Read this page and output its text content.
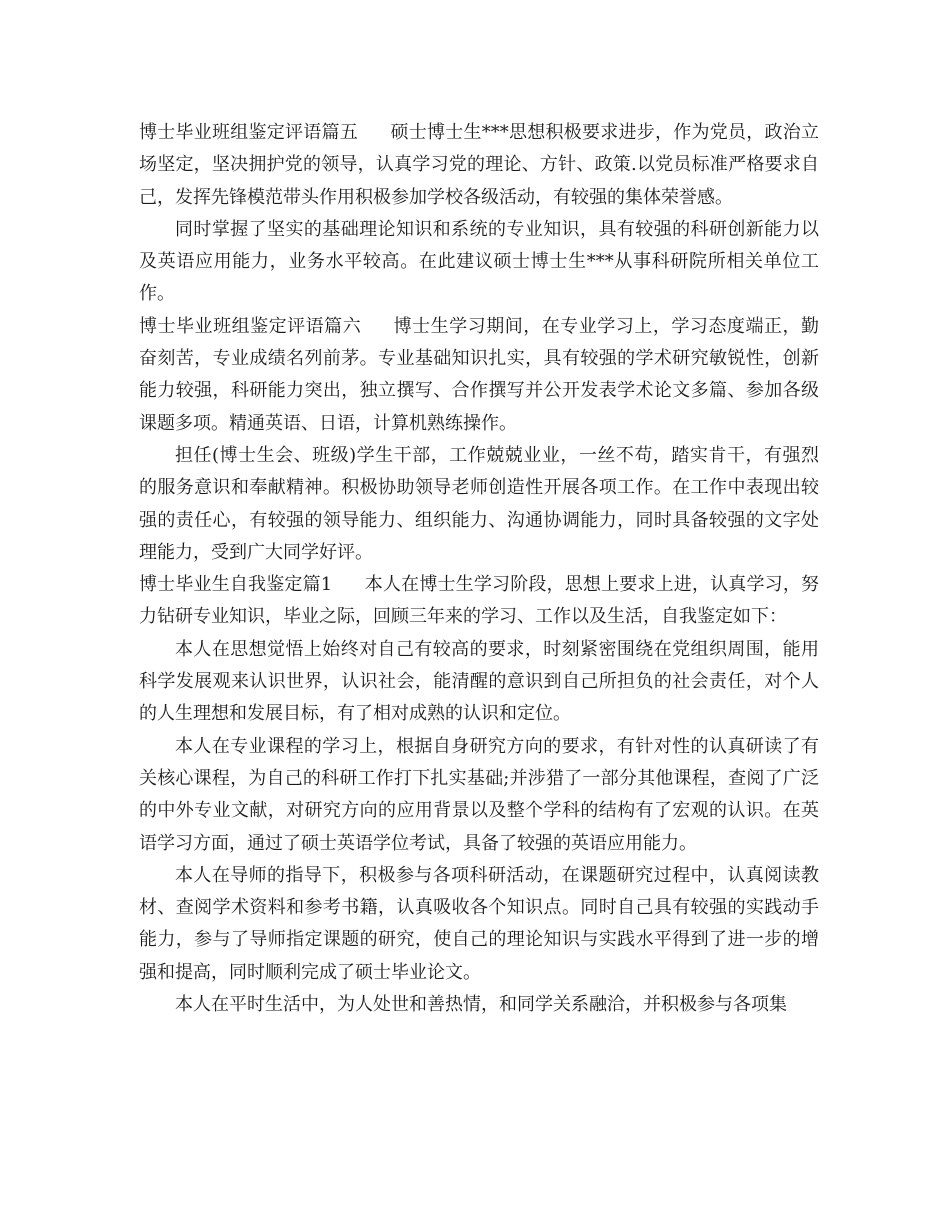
博士毕业班组鉴定评语篇五 硕士博士生***思想积极要求进步，作为党员，政治立场坚定，坚决拥护党的领导，认真学习党的理论、方针、政策.以党员标准严格要求自己，发挥先锋模范带头作用积极参加学校各级活动，有较强的集体荣誉感。

同时掌握了坚实的基础理论知识和系统的专业知识，具有较强的科研创新能力以及英语应用能力，业务水平较高。在此建议硕士博士生***从事科研院所相关单位工作。

博士毕业班组鉴定评语篇六 博士生学习期间，在专业学习上，学习态度端正，勤奋刻苦，专业成绩名列前茅。专业基础知识扎实，具有较强的学术研究敏锐性，创新能力较强，科研能力突出，独立撰写、合作撰写并公开发表学术论文多篇、参加各级课题多项。精通英语、日语，计算机熟练操作。

担任(博士生会、班级)学生干部，工作兢兢业业，一丝不苟，踏实肯干，有强烈的服务意识和奉献精神。积极协助领导老师创造性开展各项工作。在工作中表现出较强的责任心，有较强的领导能力、组织能力、沟通协调能力，同时具备较强的文字处理能力，受到广大同学好评。

博士毕业生自我鉴定篇1 本人在博士生学习阶段，思想上要求上进，认真学习，努力钻研专业知识，毕业之际，回顾三年来的学习、工作以及生活，自我鉴定如下：

本人在思想觉悟上始终对自己有较高的要求，时刻紧密围绕在党组织周围，能用科学发展观来认识世界，认识社会，能清醒的意识到自己所担负的社会责任，对个人的人生理想和发展目标，有了相对成熟的认识和定位。

本人在专业课程的学习上，根据自身研究方向的要求，有针对性的认真研读了有关核心课程，为自己的科研工作打下扎实基础;并涉猎了一部分其他课程，查阅了广泛的中外专业文献，对研究方向的应用背景以及整个学科的结构有了宏观的认识。在英语学习方面，通过了硕士英语学位考试，具备了较强的英语应用能力。

本人在导师的指导下，积极参与各项科研活动，在课题研究过程中，认真阅读教材、查阅学术资料和参考书籍，认真吸收各个知识点。同时自己具有较强的实践动手能力，参与了导师指定课题的研究，使自己的理论知识与实践水平得到了进一步的增强和提高，同时顺利完成了硕士毕业论文。

本人在平时生活中，为人处世和善热情，和同学关系融洽，并积极参与各项集
